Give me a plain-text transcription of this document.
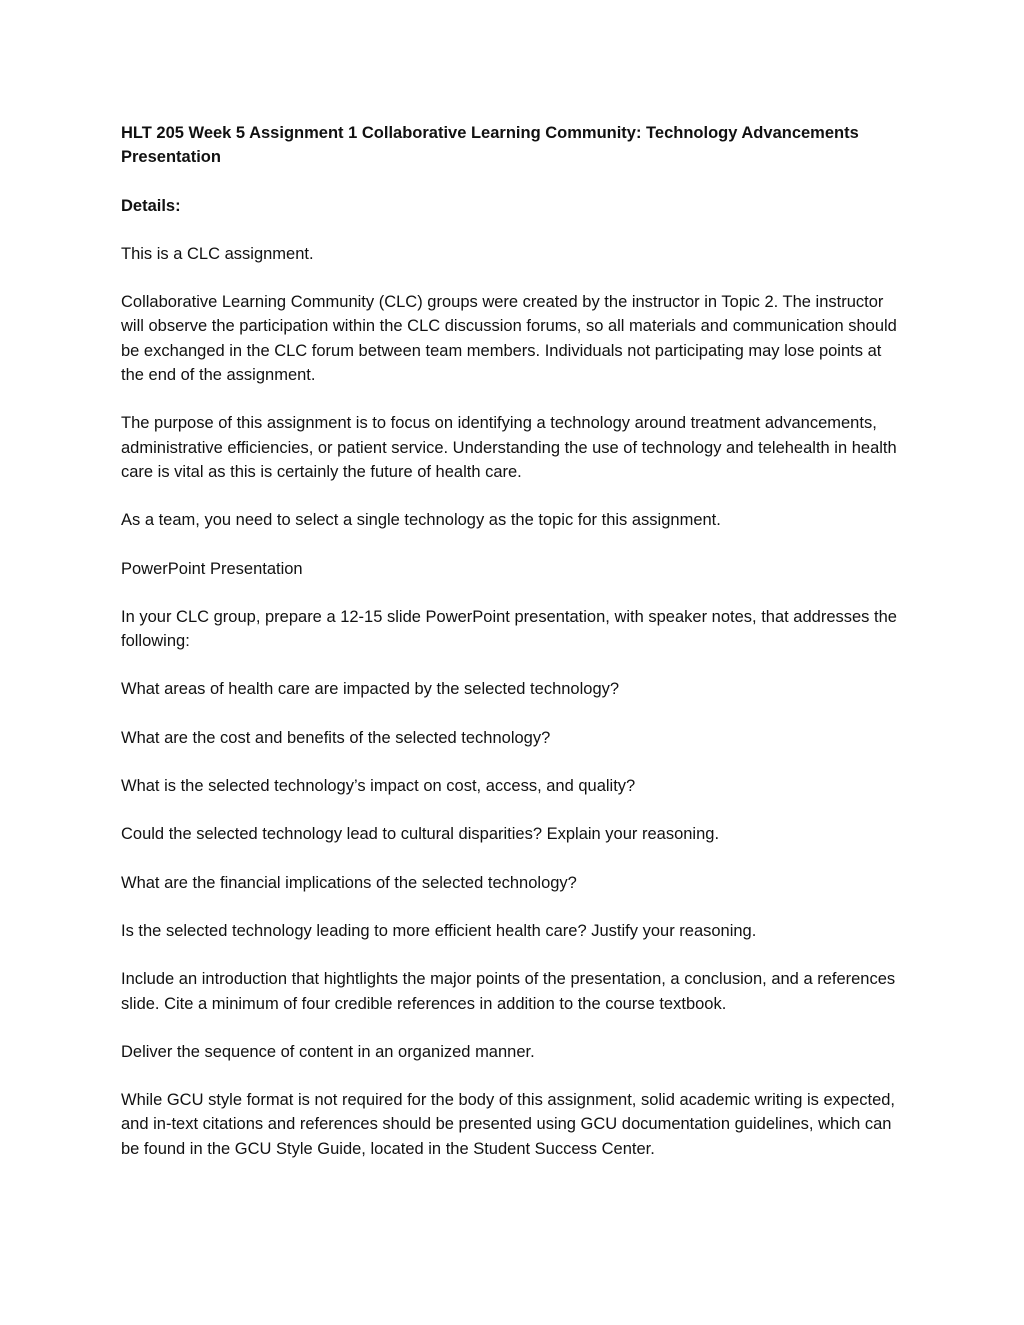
HLT 205 Week 5 Assignment 1 Collaborative Learning Community: Technology Advancements Presentation
Details:

This is a CLC assignment.

Collaborative Learning Community (CLC) groups were created by the instructor in Topic 2. The instructor will observe the participation within the CLC discussion forums, so all materials and communication should be exchanged in the CLC forum between team members. Individuals not participating may lose points at the end of the assignment.

The purpose of this assignment is to focus on identifying a technology around treatment advancements, administrative efficiencies, or patient service. Understanding the use of technology and telehealth in health care is vital as this is certainly the future of health care.

As a team, you need to select a single technology as the topic for this assignment.

PowerPoint Presentation

In your CLC group, prepare a 12-15 slide PowerPoint presentation, with speaker notes, that addresses the following:

What areas of health care are impacted by the selected technology?

What are the cost and benefits of the selected technology?

What is the selected technology’s impact on cost, access, and quality?

Could the selected technology lead to cultural disparities? Explain your reasoning.

What are the financial implications of the selected technology?

Is the selected technology leading to more efficient health care? Justify your reasoning.

Include an introduction that hightlights the major points of the presentation, a conclusion, and a references slide. Cite a minimum of four credible references in addition to the course textbook.

Deliver the sequence of content in an organized manner.

While GCU style format is not required for the body of this assignment, solid academic writing is expected, and in-text citations and references should be presented using GCU documentation guidelines, which can be found in the GCU Style Guide, located in the Student Success Center.
